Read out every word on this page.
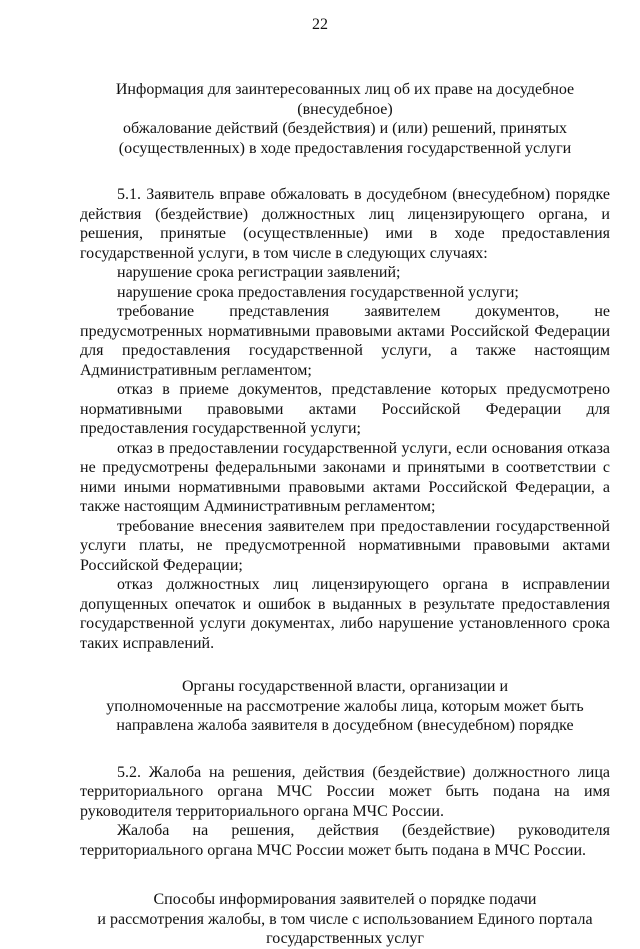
22
Информация для заинтересованных лиц об их праве на досудебное (внесудебное)
обжалование действий (бездействия) и (или) решений, принятых
(осуществленных) в ходе предоставления государственной услуги

5.1. Заявитель вправе обжаловать в досудебном (внесудебном) порядке действия (бездействие) должностных лиц лицензирующего органа, и решения, принятые (осуществленные) ими в ходе предоставления государственной услуги, в том числе в следующих случаях:

нарушение срока регистрации заявлений;

нарушение срока предоставления государственной услуги;

требование представления заявителем документов, не предусмотренных нормативными правовыми актами Российской Федерации для предоставления государственной услуги, а также настоящим Административным регламентом;

отказ в приеме документов, представление которых предусмотрено нормативными правовыми актами Российской Федерации для предоставления государственной услуги;

отказ в предоставлении государственной услуги, если основания отказа не предусмотрены федеральными законами и принятыми в соответствии с ними иными нормативными правовыми актами Российской Федерации, а также настоящим Административным регламентом;

требование внесения заявителем при предоставлении государственной услуги платы, не предусмотренной нормативными правовыми актами Российской Федерации;

отказ должностных лиц лицензирующего органа в исправлении допущенных опечаток и ошибок в выданных в результате предоставления государственной услуги документах, либо нарушение установленного срока таких исправлений.

Органы государственной власти, организации и
уполномоченные на рассмотрение жалобы лица, которым может быть
направлена жалоба заявителя в досудебном (внесудебном) порядке

5.2. Жалоба на решения, действия (бездействие) должностного лица территориального органа МЧС России может быть подана на имя руководителя территориального органа МЧС России.

Жалоба на решения, действия (бездействие) руководителя территориального органа МЧС России может быть подана в МЧС России.

Способы информирования заявителей о порядке подачи
и рассмотрения жалобы, в том числе с использованием Единого портала
государственных услуг
